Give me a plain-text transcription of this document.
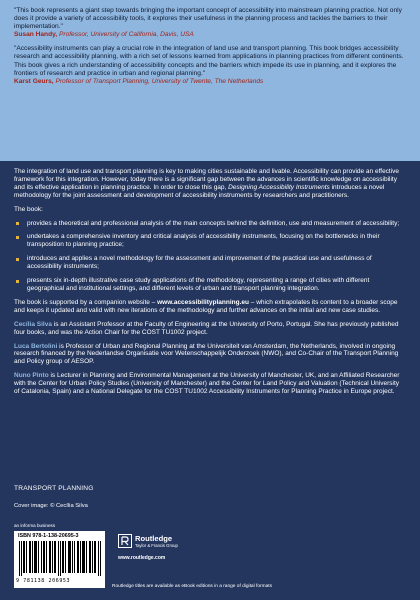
"This book represents a giant step towards bringing the important concept of accessibility into mainstream planning practice. Not only does it provide a variety of accessibility tools, it explores their usefulness in the planning process and tackles the barriers to their implementation."

Susan Handy, Professor, University of California, Davis, USA

"Accessibility instruments can play a crucial role in the integration of land use and transport planning. This book bridges accessibility research and accessibility planning, with a rich set of lessons learned from applications in planning practices from different continents. This book gives a rich understanding of accessibility concepts and the barriers which impede its use in planning, and it explores the frontiers of research and practice in urban and regional planning."

Karst Geurs, Professor of Transport Planning, University of Twente, The Netherlands

The integration of land use and transport planning is key to making cities sustainable and livable. Accessibility can provide an effective framework for this integration. However, today there is a significant gap between the advances in scientific knowledge on accessibility and its effective application in planning practice. In order to close this gap, Designing Accessibility Instruments introduces a novel methodology for the joint assessment and development of accessibility instruments by researchers and practitioners.

The book:

provides a theoretical and professional analysis of the main concepts behind the definition, use and measurement of accessibility;
undertakes a comprehensive inventory and critical analysis of accessibility instruments, focusing on the bottlenecks in their transposition to planning practice;
introduces and applies a novel methodology for the assessment and improvement of the practical use and usefulness of accessibility instruments;
presents six in-depth illustrative case study applications of the methodology, representing a range of cities with different geographical and institutional settings, and different levels of urban and transport planning integration.

The book is supported by a companion website – www.accessibilityplanning.eu – which extrapolates its content to a broader scope and keeps it updated and valid with new iterations of the methodology and further advances on the initial and new case studies.

Cecília Silva is an Assistant Professor at the Faculty of Engineering at the University of Porto, Portugal. She has previously published four books, and was the Action Chair for the COST TU1002 project.

Luca Bertolini is Professor of Urban and Regional Planning at the Universiteit van Amsterdam, the Netherlands, involved in ongoing research financed by the Nederlandse Organisatie voor Wetenschappelijk Onderzoek (NWO), and Co-Chair of the Transport Planning and Policy group of AESOP.

Nuno Pinto is Lecturer in Planning and Environmental Management at the University of Manchester, UK, and an Affiliated Researcher with the Center for Urban Policy Studies (University of Manchester) and the Center for Land Policy and Valuation (Technical University of Catalonia, Spain) and a National Delegate for the COST TU1002 Accessibility Instruments for Planning Practice in Europe project.

TRANSPORT PLANNING
Cover image: © Cecília Silva
an informa business
ISBN 978-1-138-20695-3
9 781138 206953
Routledge
Taylor & Francis Group
www.routledge.com
Routledge titles are available as eBook editions in a range of digital formats
